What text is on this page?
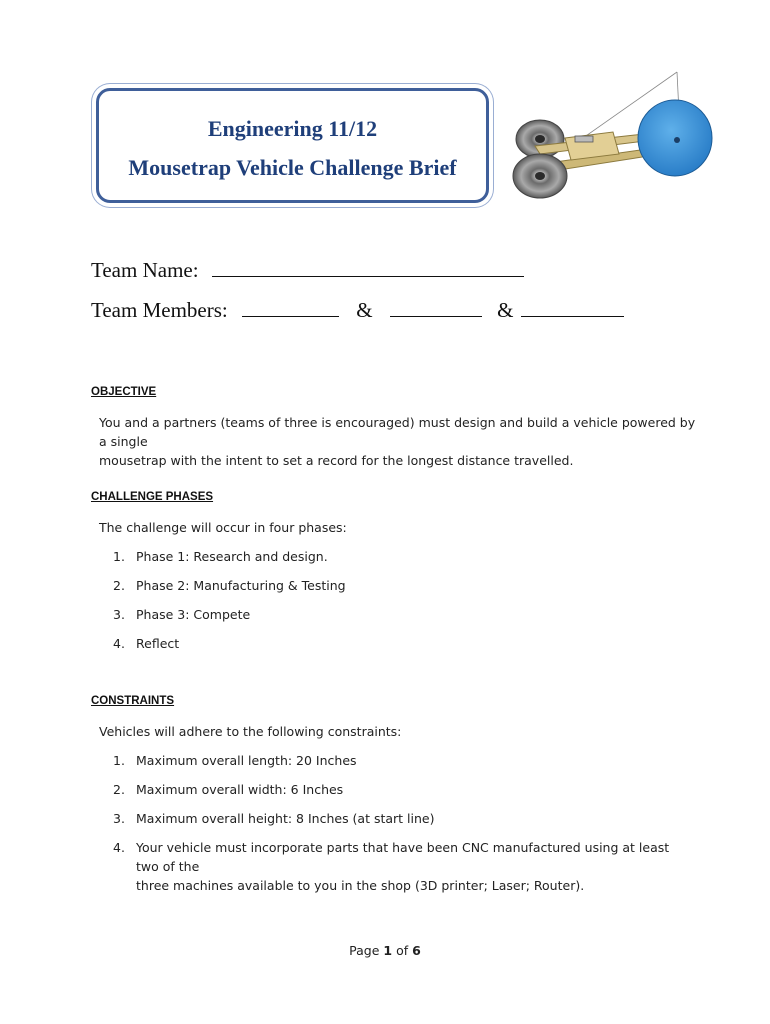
Engineering 11/12
Mousetrap Vehicle Challenge Brief
Team Name:
Team Members:	&	&
OBJECTIVE
You and a partners (teams of three is encouraged) must design and build a vehicle powered by a single
mousetrap with the intent to set a record for the longest distance travelled.
CHALLENGE PHASES
The challenge will occur in four phases:
1. Phase 1: Research and design.
2. Phase 2: Manufacturing & Testing
3. Phase 3: Compete
4. Reflect
CONSTRAINTS
Vehicles will adhere to the following constraints:
1. Maximum overall length: 20 Inches
2. Maximum overall width: 6 Inches
3. Maximum overall height: 8 Inches (at start line)
4. Your vehicle must incorporate parts that have been CNC manufactured using at least two of the
three machines available to you in the shop (3D printer; Laser; Router).
Page 1 of 6
